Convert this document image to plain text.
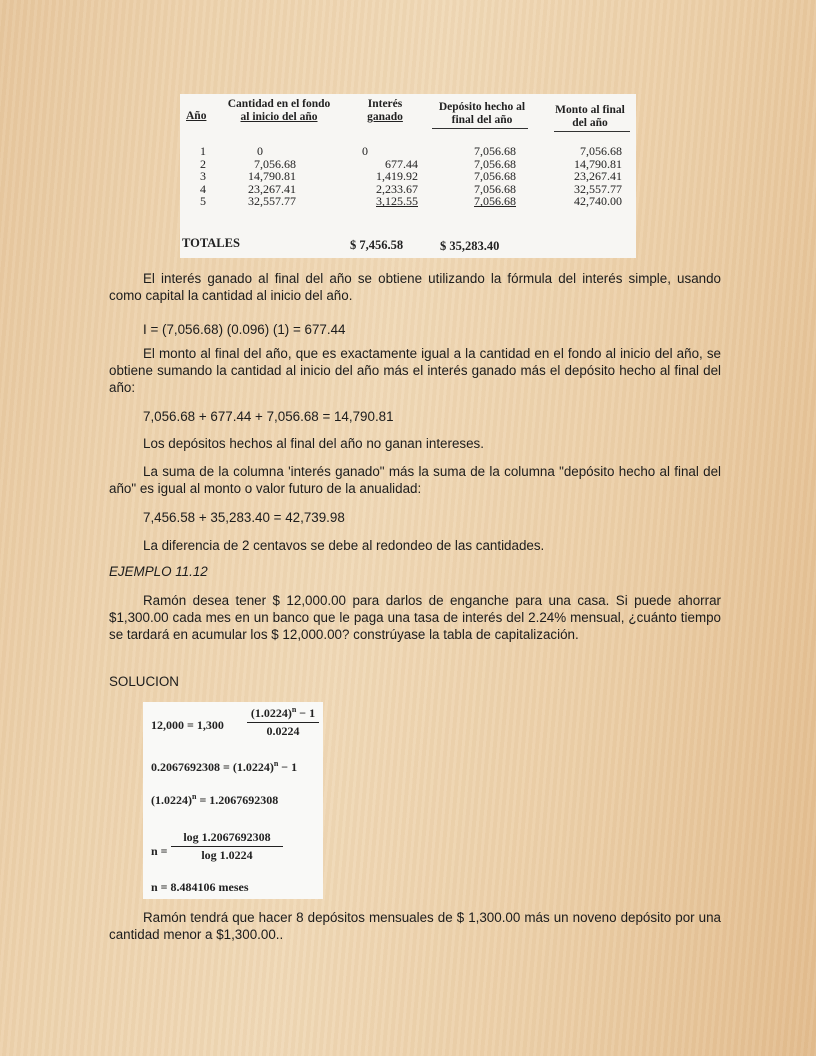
Año
Cantidad en el fondo
al inicio del año
Interés
ganado
Depósito hecho al
final del año
Monto al final
del año
1
2
3
4
5
0
7,056.68
14,790.81
23,267.41
32,557.77
0
677.44
1,419.92
2,233.67
3,125.55
7,056.68
7,056.68
7,056.68
7,056.68
7,056.68
7,056.68
14,790.81
23,267.41
32,557.77
42,740.00
TOTALES	$ 7,456.58	$ 35,283.40
El interés ganado al final del año se obtiene utilizando la fórmula del interés simple, usando como capital la cantidad al inicio del año.
I = (7,056.68) (0.096) (1) = 677.44
El monto al final del año, que es exactamente igual a la cantidad en el fondo al inicio del año, se obtiene sumando la cantidad al inicio del año más el interés ganado más el depósito hecho al final del año:
7,056.68 + 677.44 + 7,056.68 = 14,790.81
Los depósitos hechos al final del año no ganan intereses.
La suma de la columna 'interés ganado" más la suma de la columna "depósito hecho al final del año" es igual al monto o valor futuro de la anualidad:
7,456.58 + 35,283.40 = 42,739.98
La diferencia de 2 centavos se debe al redondeo de las cantidades.
EJEMPLO 11.12
Ramón desea tener $ 12,000.00 para darlos de enganche para una casa. Si puede ahorrar $1,300.00 cada mes en un banco que le paga una tasa de interés del 2.24% mensual, ¿cuánto tiempo se tardará en acumular los $ 12,000.00? constrúyase la tabla de capitalización.
SOLUCION
12,000 = 1,300
$(1.0224)^n - 1$
0.0224
$0.2067692308 = (1.0224)^n - 1$
$(1.0224)^n = 1.2067692308$
n =
log 1.2067692308
log 1.0224
n = 8.484106 meses
Ramón tendrá que hacer 8 depósitos mensuales de $ 1,300.00 más un noveno depósito por una cantidad menor a $1,300.00..
